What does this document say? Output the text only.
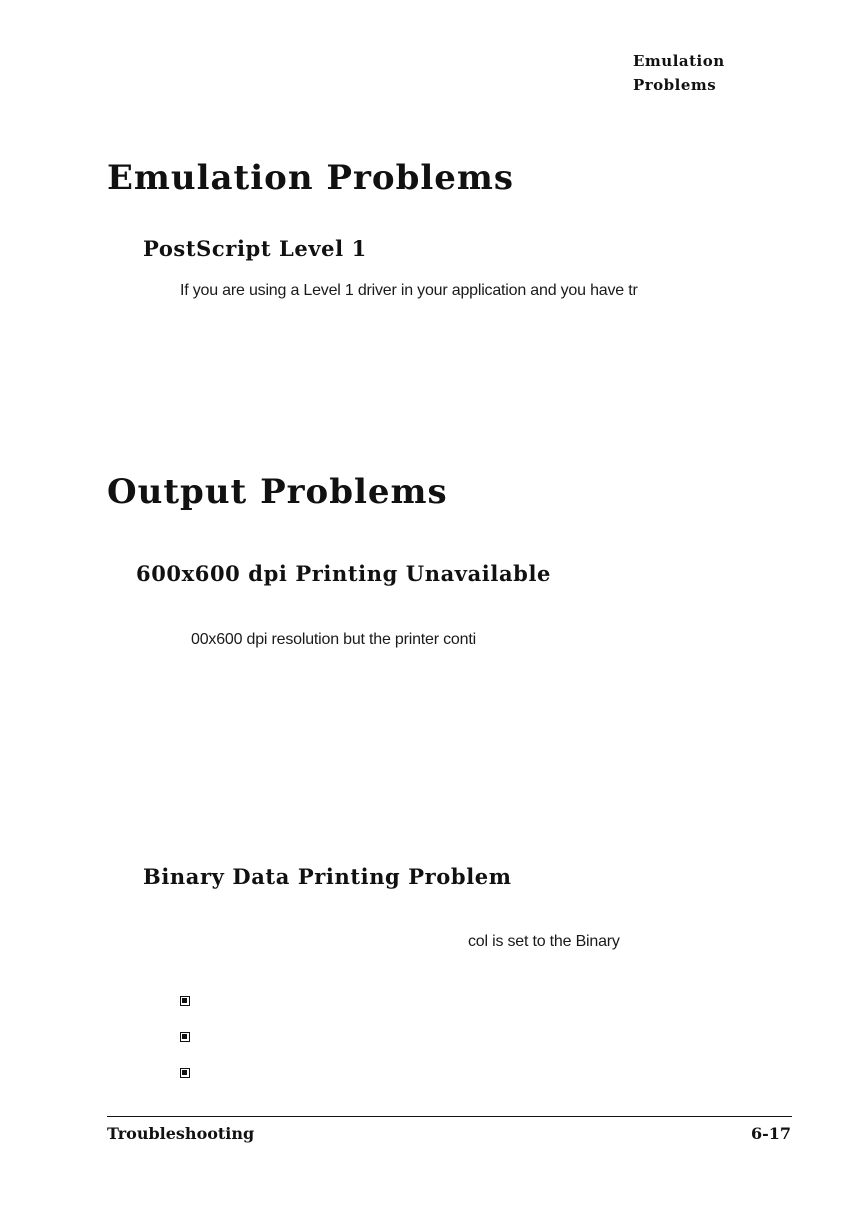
Emulation
Problems
Emulation Problems
PostScript Level 1
If you are using a Level 1 driver in your application and you have tr
Output Problems
600x600 dpi Printing Unavailable
00x600 dpi resolution but the printer conti
Binary Data Printing Problem
col is set to the Binary
Troubleshooting	6-17
